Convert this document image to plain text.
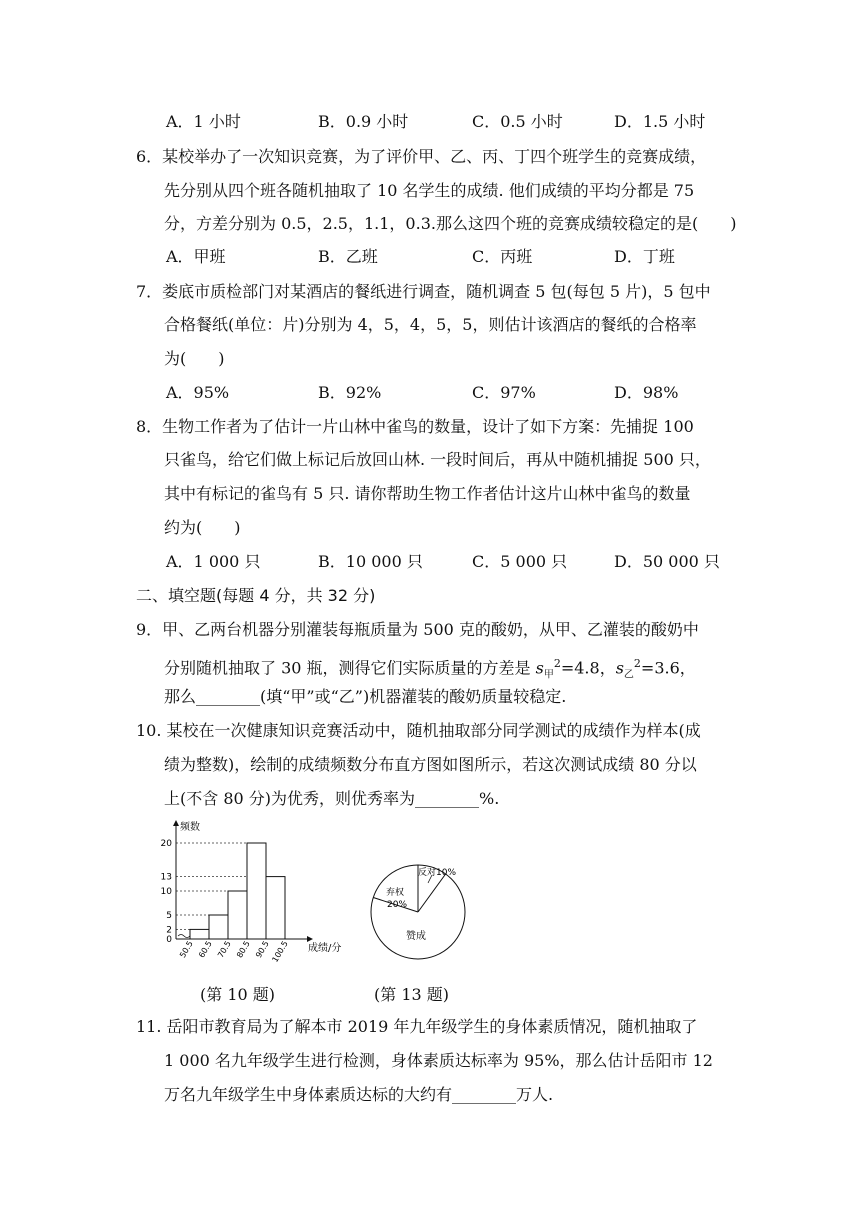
A．1 小时	B．0.9 小时	C．0.5 小时	D．1.5 小时
6．某校举办了一次知识竞赛，为了评价甲、乙、丙、丁四个班学生的竞赛成绩，
先分别从四个班各随机抽取了 10 名学生的成绩. 他们成绩的平均分都是 75
分，方差分别为 0.5，2.5，1.1，0.3.那么这四个班的竞赛成绩较稳定的是(　　)
A．甲班	B．乙班	C．丙班	D．丁班
7．娄底市质检部门对某酒店的餐纸进行调查，随机调查 5 包(每包 5 片)，5 包中
合格餐纸(单位：片)分别为 4，5，4，5，5，则估计该酒店的餐纸的合格率
为(　　)
A．95%	B．92%	C．97%	D．98%
8．生物工作者为了估计一片山林中雀鸟的数量，设计了如下方案：先捕捉 100
只雀鸟，给它们做上标记后放回山林. 一段时间后，再从中随机捕捉 500 只，
其中有标记的雀鸟有 5 只. 请你帮助生物工作者估计这片山林中雀鸟的数量
约为(　　)
A．1 000 只	B．10 000 只	C．5 000 只	D．50 000 只
二、填空题(每题 4 分，共 32 分)
9．甲、乙两台机器分别灌装每瓶质量为 500 克的酸奶，从甲、乙灌装的酸奶中
分别随机抽取了 30 瓶，测得它们实际质量的方差是 $s_甲^2=4.8$，$s_乙^2=3.6$，
那么________(填“甲”或“乙”)机器灌装的酸奶质量较稳定.
10. 某校在一次健康知识竞赛活动中，随机抽取部分同学测试的成绩作为样本(成
绩为整数)，绘制的成绩频数分布直方图如图所示，若这次测试成绩 80 分以
上(不含 80 分)为优秀，则优秀率为________%.
频数
成绩/分
0
2
5
10
13
20
50.5 60.5 70.5 80.5 90.5 100.5
(第 10 题)
反对10%
弃权
20%
赞成
(第 13 题)
11. 岳阳市教育局为了解本市 2019 年九年级学生的身体素质情况，随机抽取了
1 000 名九年级学生进行检测，身体素质达标率为 95%，那么估计岳阳市 12
万名九年级学生中身体素质达标的大约有________万人.
